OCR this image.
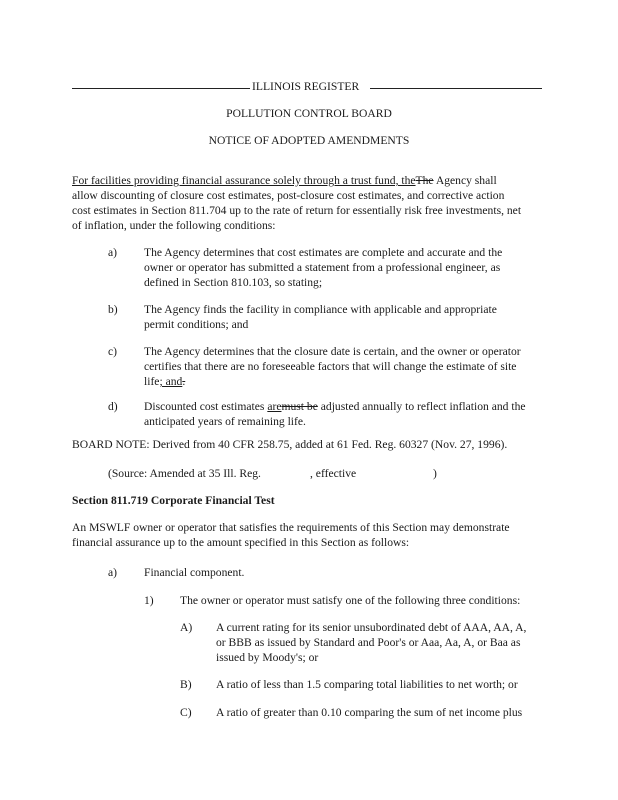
ILLINOIS REGISTER
POLLUTION CONTROL BOARD
NOTICE OF ADOPTED AMENDMENTS
For facilities providing financial assurance solely through a trust fund, theThe Agency shall
allow discounting of closure cost estimates, post-closure cost estimates, and corrective action
cost estimates in Section 811.704 up to the rate of return for essentially risk free investments, net
of inflation, under the following conditions:
a)	The Agency determines that cost estimates are complete and accurate and the
owner or operator has submitted a statement from a professional engineer, as
defined in Section 810.103, so stating;
b)	The Agency finds the facility in compliance with applicable and appropriate
permit conditions; and
c)	The Agency determines that the closure date is certain, and the owner or operator
certifies that there are no foreseeable factors that will change the estimate of site
life; and.
d)	Discounted cost estimates aremust be adjusted annually to reflect inflation and the
anticipated years of remaining life.
BOARD NOTE: Derived from 40 CFR 258.75, added at 61 Fed. Reg. 60327 (Nov. 27, 1996).
(Source: Amended at 35 Ill. Reg.	, effective	)
Section 811.719 Corporate Financial Test
An MSWLF owner or operator that satisfies the requirements of this Section may demonstrate
financial assurance up to the amount specified in this Section as follows:
a)	Financial component.
1)	The owner or operator must satisfy one of the following three conditions:
A)	A current rating for its senior unsubordinated debt of AAA, AA, A,
or BBB as issued by Standard and Poor's or Aaa, Aa, A, or Baa as
issued by Moody's; or
B)	A ratio of less than 1.5 comparing total liabilities to net worth; or
C)	A ratio of greater than 0.10 comparing the sum of net income plus
